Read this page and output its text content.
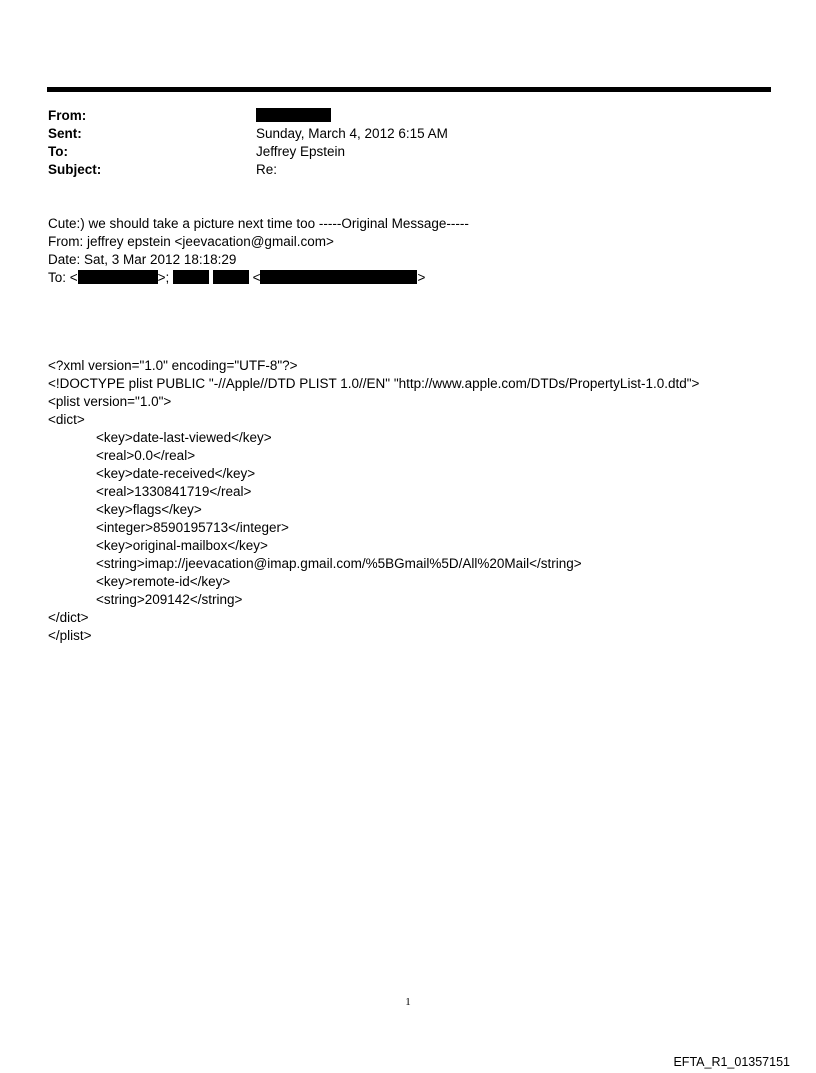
From:
Sent:	Sunday, March 4, 2012 6:15 AM
To:	Jeffrey Epstein
Subject:	Re:
Cute:) we should take a picture next time too -----Original Message-----
From: jeffrey epstein <jeevacation@gmail.com>
Date: Sat, 3 Mar 2012 18:18:29
To: <	>;	<	>
<?xml version="1.0" encoding="UTF-8"?>
<!DOCTYPE plist PUBLIC "-//Apple//DTD PLIST 1.0//EN" "http://www.apple.com/DTDs/PropertyList-1.0.dtd">
<plist version="1.0">
<dict>
<key>date-last-viewed</key>
<real>0.0</real>
<key>date-received</key>
<real>1330841719</real>
<key>flags</key>
<integer>8590195713</integer>
<key>original-mailbox</key>
<string>imap://jeevacation@imap.gmail.com/%5BGmail%5D/All%20Mail</string>
<key>remote-id</key>
<string>209142</string>
</dict>
</plist>
1
EFTA_R1_01357151
